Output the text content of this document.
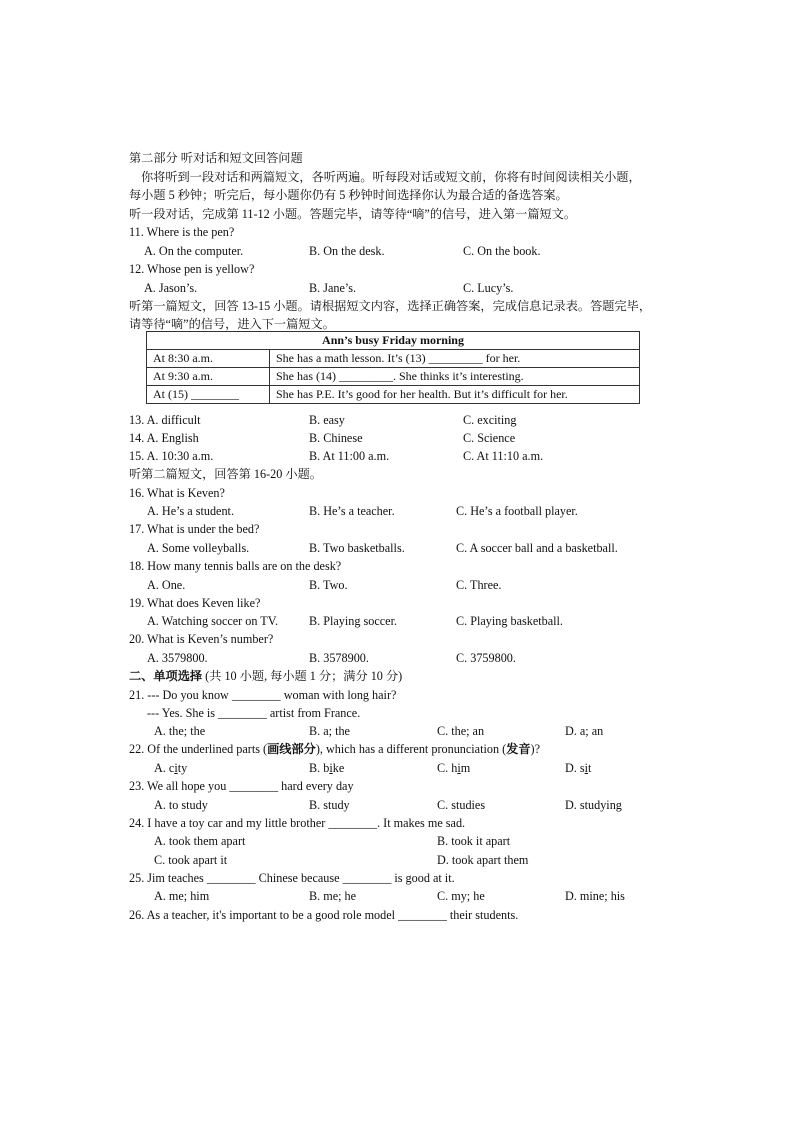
第二部分 听对话和短文回答问题
你将听到一段对话和两篇短文，各听两遍。听每段对话或短文前，你将有时间阅读相关小题，
每小题 5 秒钟；听完后，每小题你仍有 5 秒钟时间选择你认为最合适的备选答案。
听一段对话，完成第 11-12 小题。答题完毕，请等待“嘀”的信号，进入第一篇短文。
11. Where is the pen?
A. On the computer.	B. On the desk.	C. On the book.
12. Whose pen is yellow?
A. Jason’s.	B. Jane’s.	C. Lucy’s.
听第一篇短文，回答 13-15 小题。请根据短文内容，选择正确答案，完成信息记录表。答题完毕，
请等待“嘀”的信号，进入下一篇短文。
Ann’s busy Friday morning	
At 8:30 a.m.	She has a math lesson. It’s (13) _________ for her.
At 9:30 a.m.	She has (14) _________. She thinks it’s interesting.
At (15) ________	She has P.E. It’s good for her health. But it’s difficult for her.
13. A. difficult	B. easy	C. exciting
14. A. English	B. Chinese	C. Science
15. A. 10:30 a.m.	B. At 11:00 a.m.	C. At 11:10 a.m.
听第二篇短文，回答第 16-20 小题。
16. What is Keven?
A. He’s a student.	B. He’s a teacher.	C. He’s a football player.
17. What is under the bed?
A. Some volleyballs.	B. Two basketballs.	C. A soccer ball and a basketball.
18. How many tennis balls are on the desk?
A. One.	B. Two.	C. Three.
19. What does Keven like?
A. Watching soccer on TV.	B. Playing soccer.	C. Playing basketball.
20. What is Keven’s number?
A. 3579800.	B. 3578900.	C. 3759800.
二、单项选择 (共 10 小题, 每小题 1 分；满分 10 分)
21. --- Do you know ________ woman with long hair?
--- Yes. She is ________ artist from France.
A. the; the	B. a; the	C. the; an	D. a; an
22. Of the underlined parts (画线部分), which has a different pronunciation (发音)?
A. city	B. bike	C. him	D. sit
23. We all hope you ________ hard every day
A. to study	B. study	C. studies	D. studying
24. I have a toy car and my little brother ________. It makes me sad.
A. took them apart	B. took it apart
C. took apart it	D. took apart them
25. Jim teaches ________ Chinese because ________ is good at it.
A. me; him	B. me; he	C. my; he	D. mine; his
26. As a teacher, it's important to be a good role model ________ their students.
